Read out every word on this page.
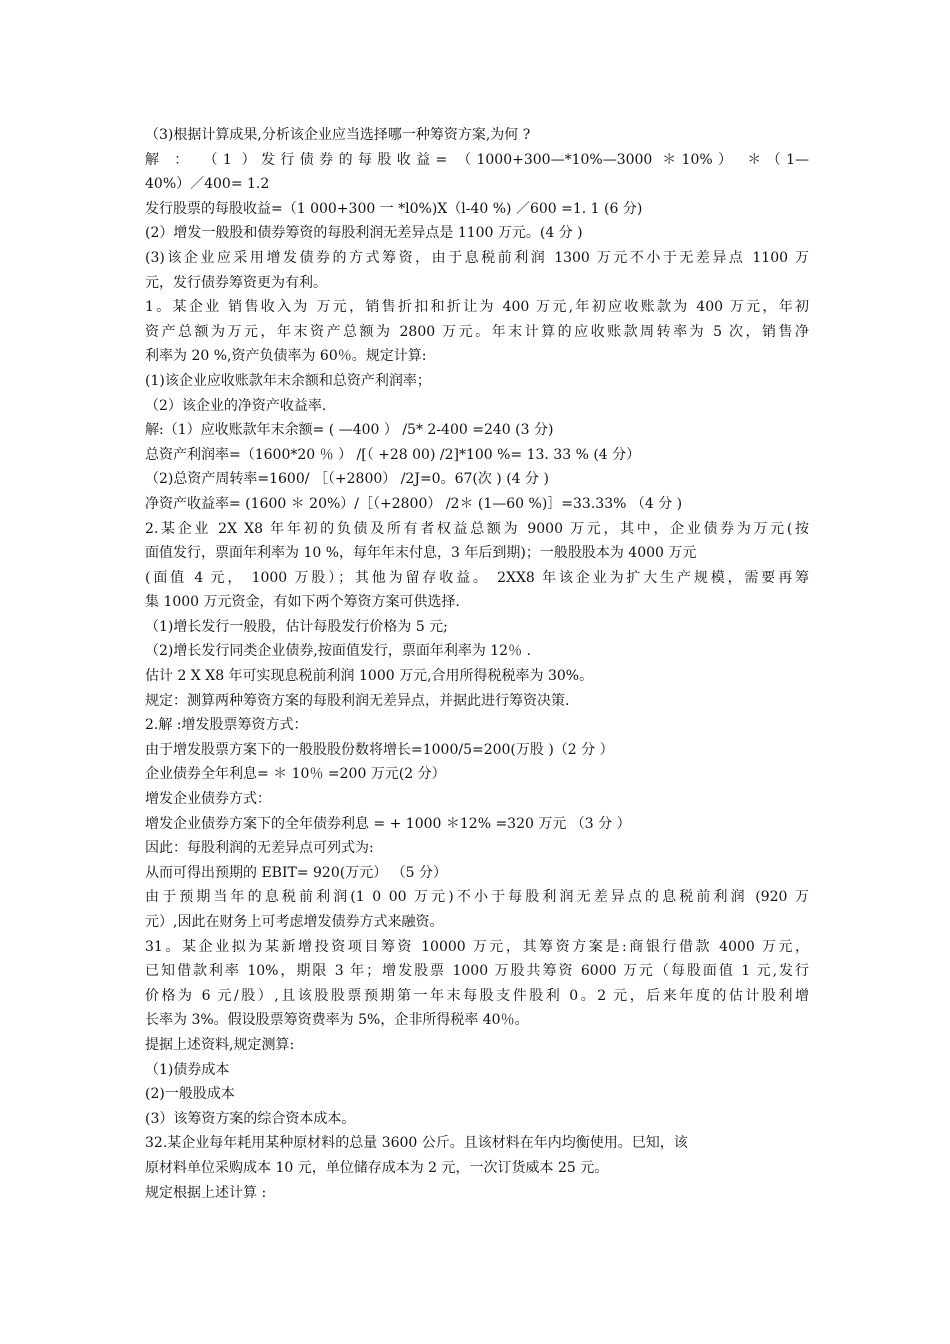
（3)根据计算成果,分析该企业应当选择哪一种筹资方案,为何 ?
解 ： （1 ）发行债券的每股收益= （1000+300—*10%—3000 ＊10%） ＊（1—
40%）／400= 1.2
发行股票的每股收益=（1 000+300 一 *l0%)X（l-40 %) ／600 =1. 1 (6 分)
(2）增发一般股和债券筹资的每股利润无差异点是 1100 万元。(4 分 )
(3)该企业应采用增发债券的方式筹资，由于息税前利润 1300 万元不小于无差异点 1100 万
元，发行债券筹资更为有利。
1。某企业 销售收入为 万元，销售折扣和折让为 400 万元,年初应收账款为 400 万元，年初
资产总额为万元，年末资产总额为 2800 万元。年末计算的应收账款周转率为 5 次，销售净
利率为 20 %,资产负债率为 60％。规定计算:
(1)该企业应收账款年末余额和总资产利润率；
（2）该企业的净资产收益率.
解:（1）应收账款年末余额= ( —400 ） /5* 2-400 =240 (3 分)
总资产利润率=（1600*20 ％ ） /[（ +28 00) /2]*100 %= 13. 33 % (4 分）
（2)总资产周转率=1600/ ［（+2800） /2J=0。67(次 ) (4 分 )
净资产收益率= (1600 ＊ 20%）/［（+2800） /2＊ (1—60 %)］=33.33% （4 分 )
2.某企业 2X X8 年年初的负债及所有者权益总额为 9000 万元，其中，企业债券为万元(按
面值发行，票面年利率为 10 %，每年年末付息，3 年后到期)；一般股股本为 4000 万元
(面值 4 元， 1000 万股）；其他为留存收益。 2XX8 年该企业为扩大生产规模，需要再筹
集 1000 万元资金，有如下两个筹资方案可供选择.
（1)增长发行一般股，估计每股发行价格为 5 元;
（2)增长发行同类企业债券,按面值发行，票面年利率为 12％ .
估计 2 X X8 年可实现息税前利润 1000 万元,合用所得税税率为 30%。
规定：测算两种筹资方案的每股利润无差异点，并据此进行筹资决策.
2.解 :增发股票筹资方式：
由于增发股票方案下的一般股股份数将增长=1000/5=200(万股 )（2 分 ）
企业债券全年利息= ＊ 10％ =200 万元(2 分）
增发企业债券方式：
增发企业债券方案下的全年债券利息 = + 1000 ＊12% =320 万元 （3 分 ）
因此：每股利润的无差异点可列式为:
从而可得出预期的 EBIT= 920(万元） （5 分）
由于预期当年的息税前利润(1 0 00 万元)不小于每股利润无差异点的息税前利润 (920 万
元）,因此在财务上可考虑增发债券方式来融资。
31。某企业拟为某新增投资项目筹资 10000 万元，其筹资方案是:商银行借款 4000 万元，
已知借款利率 10%，期限 3 年；增发股票 1000 万股共筹资 6000 万元（每股面值 1 元,发行
价格为 6 元/股）,且该股股票预期第一年末每股支件股利 0。2 元，后来年度的估计股利增
长率为 3%。假设股票筹资费率为 5%，企非所得税率 40％。
提据上述资料,规定测算:
（1)债券成本
(2)一般股成本
(3）该筹资方案的综合资本成本。
32.某企业每年耗用某种原材料的总量 3600 公斤。且该材料在年内均衡使用。巳知，该
原材料单位采购成本 10 元，单位储存成本为 2 元，一次订货威本 25 元。
规定根据上述计算 :
